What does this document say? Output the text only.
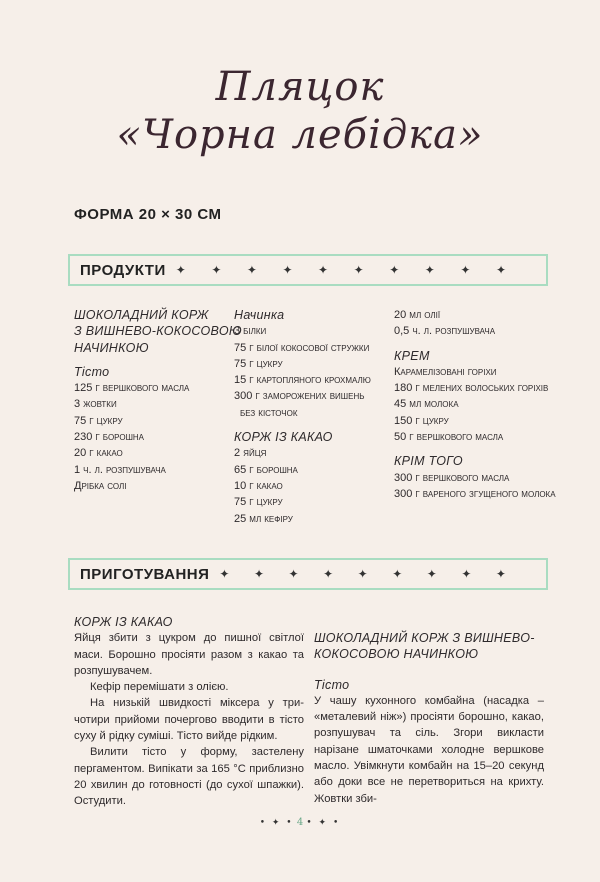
Пляцок
«Чорна лебідка»
ФОРМА 20 × 30 СМ
ПРОДУКТИ ✦ ✦ ✦ ✦ ✦ ✦ ✦ ✦ ✦ ✦
ШОКОЛАДНИЙ КОРЖ
З ВИШНЕВО-КОКОСОВОЮ
НАЧИНКОЮ
Тісто
125 г вершкового масла
3 жовтки
75 г цукру
230 г борошна
20 г какао
1 ч. л. розпушувача
Дрібка солі
Начинка
3 білки
75 г білої кокосової стружки
75 г цукру
15 г картопляного крохмалю
300 г заморожених вишень
без кісточок
КОРЖ ІЗ КАКАО
2 яйця
65 г борошна
10 г какао
75 г цукру
25 мл кефіру
20 мл олії
0,5 ч. л. розпушувача
КРЕМ
Карамелізовані горіхи
180 г мелених волоських горіхів
45 мл молока
150 г цукру
50 г вершкового масла
КРІМ ТОГО
300 г вершкового масла
300 г вареного згущеного молока
ПРИГОТУВАННЯ ✦ ✦ ✦ ✦ ✦ ✦ ✦ ✦ ✦

КОРЖ ІЗ КАКАО

Яйця збити з цукром до пишної світлої маси. Борошно просіяти разом з какао та розпушувачем.

Кефір перемішати з олією.

На низькій швидкості міксера у три-чотири прийоми почергово вводити в тісто суху й рідку суміші. Тісто вийде рідким.

Вилити тісто у форму, застелену пергаментом. Випікати за 165 °С приблизно 20 хвилин до готовності (до сухої шпажки). Остудити.

ШОКОЛАДНИЙ КОРЖ З ВИШНЕВО-

КОКОСОВОЮ НАЧИНКОЮ

Тісто

У чашу кухонного комбайна (насадка – «металевий ніж») просіяти борошно, какао, розпушувач та сіль. Згори викласти нарізане шматочками холодне вершкове масло. Увімкнути комбайн на 15–20 секунд або доки все не перетвориться на крихту. Жовтки зби-

• ✦ • 4 • ✦ •
